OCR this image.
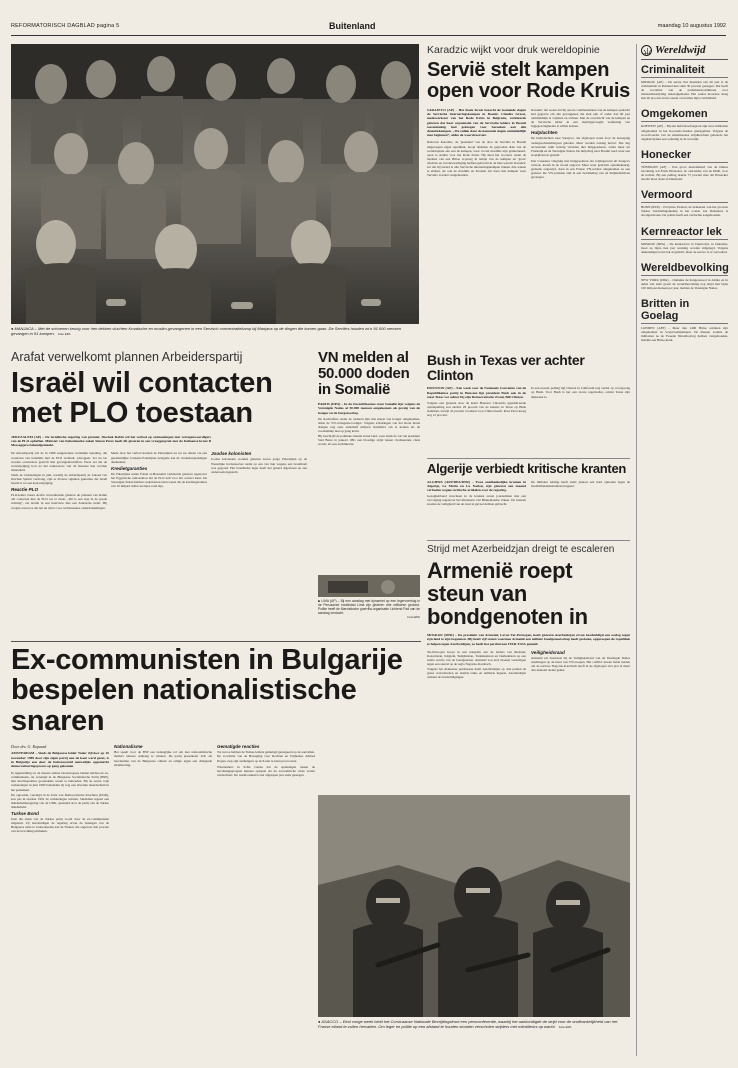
REFORMATORISCH DAGBLAD pagina 5	Buitenland	maandag 10 augustus 1992
● MANJACA – Met de schoenen keurig voor hen dekken vluchten Kroatische en moslim-gevangenen in een Servisch concentratiekamp bij Manjaca op de dingen die komen gaan. De Serviërs houden zo'n 91.000 mensen gevangen in 91 kampen. Foto EPA
Karadzic wijkt voor druk wereldopinie
Servië stelt kampen open voor Rode Kruis
SARAJEVO (AP) – Het Rode Kruis bezocht de komende dagen de Servische interneringskampen in Bosnië. Claudia Grassi, medewerkster van het Rode Kruis in Belgrado, verklaarde gisteren dat haar organisatie van de Servische leiders in Bosnië toestemming had gekregen voor bezoeken aan alle detentiekampen. „We zullen daar de komende dagen onmiddellijk mee beginnen”, aldus de woordvoerster.
Radovan Karadzic, de 'president' van de door de Serviërs in Bosnië uitgeroepen eigen republiek, hoopt daarmee de gegroeide druk van de wereldopinie aan een de kampen, waar vooral moslims zijn geïnterneerd, open te stellen voor het Rode Kruis. Hij deed het voorstel, nadat de beelden van een Britse tv-ploeg in nabije van de kampen ter 'grote' afschuw en verontwaardiging hadden gebracht in de hele wereld. Karadzic zei dat hij bereid is alle Servische interneringskampen binnen drie weken te sluiten, als ook de moslims en Kroaten dat doen met kampen waar Serviërs worden vastgehouden.
Karadzic liet weten dat hij aan de commandanten van de kampen opdracht had gegeven om alle gevangenen die ziek zijn of ouder dan 60 jaar onmiddellijk te vrijlaten en zichten. Met de overdracht van de kampen en de Servische leider in een daarbijgevoegde verklaring van bijgegevenigheden te willen komen.
Hulpluchten
De hulpvluchten naar Sarajevo, die afgelopen week door de beroeping ondergeschiedenisgaan geleden. Meer werden zondag hervat. Die dag arriveerden ruim twintig vluchten met hulpgoederen, onder meer uit Frankrijk en de Verenigde Staten. De hulpvlieg naar Bosnië werd weer een stoprijbaan in gesteld.
Een Canadees vliegtuig met hulpgoederen dat vrijdagavond uit Sarajevo vertrok, kwam in de avond ongeval. Meer weer gebracht opnamekeurig, gedeelte ongewijd, doen in een Franse VN-soldaat omgekomen na een granaat. De VN-soldaten zijn in een beschieting van de hulpluchthaven gevangen.
Wereldwijd
Criminaliteit
MOSKOU (AP) – De eerste vier maanden van dit jaar is de criminaliteit in Rusland met ruim 30 procent gestegen. Dat heeft de voorzitter van de parlementscommissie voor misdaadbestrijding bekendgemaakt. Het aantal moorden steeg met 40 procent en het aantal overvallen bijna verdubbeld.
Omgekomen
KOEWEIT (AP) – Bij een hefschroefongeval zijn twee militairen omgekomen in het Koeweits-Iraakse grensgebied. Volgens de woordvoerder van de Amerikaanse strijdkrachten gebeurde het ongeluk tijdens een oefening in de woestijn.
Honecker
TÜBINGEN (AP) – Een groot meerderheid van de Duitse bevolking wil Erich Honecker, de oud-leider van de DDR, voor de rechter. Bij een peiling deelde 75 procent mee dat Honecker terecht moet staan in Duitsland.
Vermoord
BONN (RTR) – Ferrynies Federal, de beheerder van het grootste Turkse vluchtelingenkamp in het oosten van Duitsland, is doodgeschoten. De politie heeft een verdachte aangehouden.
Kernreactor lek
MOSKOU (DPA) – De kernreactor in Tsjernobyl, in Oekraïne, moet na bijna tien jaar werking worden stilgelegd. Volgens deskundigen is het lek al gedicht, maar de reactor is te verouderd.
Wereldbevolking
NEW YORK (DPA) – Ondanks de hongersnood in Afrika en in delen van Azië groeit de wereldbevolking nog altijd met bijna 100 miljoen mensen per jaar, melden de Verenigde Naties.
Britten in Goelag
LONDEN (AFP) – Meer dan 1400 Britse soldaten zijn omgekomen in Sovjetwerkkampen. De Russen zouden de militairen na de Tweede Wereldoorlog hebben vastgehouden, meldde een Britse krant.
Arafat verwelkomt plannen Arbeiderspartij
Israël wil contacten met PLO toestaan
JERUZALEM (AP) – De Israëlische regering van premier Jitschak Rabin wil het verbod op ontmoetingen met vertegenwoordigers van de PLO opheffen. Minister van buitenlandse zaken Simon Peres heeft dit gisteren in een vraaggesprek met de Italiaanse krant Il Messaggero bekendgemaakt.
De Arbeidspartij wil de in 1986 aangenomen wettelijke bepaling, die contacten van Israëliërs met de PLO verbiedt, schrappen. Tot nu toe werden overtreders gestraft met gevangenisstraffen. Peres zei dat de wetswijziging kort na het zomerreces van de Knesset kan worden behandeld.
Sinds de verkiezingen in juni, waarbij de Arbeidspartij de Likoed van Jitschak Sjamir verdrong, zijn er diverse signalen gekomen dat Israël bereid is tot een koerswijziging.
Reactie PLO
PLO-leider Jasser Arafat verwelkomde gisteren de plannen van Rabin om contacten met de PLO toe te staan. „Dit is een stap in de goede richting”, zei Arafat in een interview met een Arabische krant. Hij voegde eraan toe dat het nu tijd is voor rechtstreekse onderhandelingen.
Mede door het verbod konden de Palestijnen tot nu toe alleen via een gezamenlijke Jordaans-Palestijnse delegatie aan de vredesbesprekingen deelnemen.
Kredietgaranties
De Palestijnse leider Faisal al-Hoesseini verklaarde gisteren tegenover het Egyptische radiostation dat de PLO zelf voor het contact kiest. De Verenigde Staten hebben ondertussen laten weten dat de kredietgaranties van 10 miljard dollar nu bijna rond zijn.
Joodse kolonisten
Joodse kolonisten wonden gisteren zeven jonge Palestijnen op de Westelijke Jordaanoever nadat op een van hun wagens een brandbom was gegooid. Het Israëlische leger heeft het gebied afgesloten en een onderzoek ingesteld.
VN melden al 50.000 doden in Somalië
PARIJS (DPA) – In de Oostafrikaanse staat Somalië zijn volgens de Verenigde Naties al 50.000 mensen omgekomen als gevolg van de honger en de burgeroorlog.
De slachtoffers onder de ouderen zijn met meest van honger omgekomen, aldus de VN-vertegenwoordiger. Volgens schattingen van het Rode Kruis dreigen nog eens anderhalf miljoen Somaliërs om te komen als de voedselhulp niet op gang komt.
Hij beschrijft de politieke situatie in het land, waar sinds de val van president Siad Barre in januari 1991 een bloedige strijd tussen rivaliserende clans woedt, als een nachtmerrie.
■ LIMA (AP) – Bij een aanslag met dynamiet op een legervoertuig in de Peruaanse hoofdstad Lima zijn gisteren drie militairen gedood. Politie heeft de Marxistische guerrilla-organisatie Lichtend Pad van de aanslag verdacht.
Foto EPA
Bush in Texas ver achter Clinton
HOUSTON (AP) – Een week voor de Nationale Conventie van de Republikeinse partij in Houston ligt president Bush ook in de staat Texas ver achter bij zijn Democratische rivaal, Bill Clinton.
Volgens een gisteren door de krant Houston Chronicle gepubliceerde opiniepeiling zou slechts 29 procent van de kiezers in Texas op Bush stemmen, terwijl 45 procent voorkeur voor Clinton heeft. Ross Perot kreeg nog 12 procent.
In een tweede peiling ligt Clinton in Californië nog verder op voorsprong op Bush. Voor Bush is het een zware tegenvaller, omdat Texas zijn thuisstaat is.
Algerije verbiedt kritische kranten
ALGIERS (AFP/DPA/RTR) – Twee onafhankelijke kranten in Algerije, Le Matin en La Nation, zijn gisteren een maand verboden wegens kritische artikelen over de regering.
Gezaghebbend verscheen in de kranten zeven journalisten met een vervolging tegenover het ministerie van Binnenlandse Zaken. De kranten zouden de veiligheid van de staat in gevaar hebben gebracht.
De militaire leiding heeft sinds januari een hard optreden tegen de moslimfundamentalisten ingezet.
Strijd met Azerbeidzjan dreigt te escaleren
Armenië roept steun van bondgenoten in
MOSKOU (RTR) – De president van Armenië, Levon Ter-Petrosjan, heeft gisteren Azerbeidzjan ervan beschuldigd een oorlog tegen zijn land te zijn begonnen. Hij heeft vijf staten waarmee Armenië een militair bondgenootschap heeft gesloten, opgeroepen de republiek te helpen tegen Azerbeidzjan, zo heeft het persbureau ITAR-TASS gemeld.
Ter-Petrosjan hoopt in een telegram aan de leiders van Rusland, Kazachstan, Kirgizië, Tadzjikistan, Turkmenistan en Oezbekistan op een snelle reactie van de bondgenoten. Armenië zou zich moeten verdedigen tegen een aanval op de regio Nagorno-Karabach.
Volgens het Armeense persbureau heeft Azerbeidzjan op drie punten de grens overschreden en daarbij tanks en artillerie ingezet. Azerbeidzjan ontkent de beschuldigingen.
Veiligheidsraad
Armenië zal daarnaast bij de Veiligheidsraad van de Verenigde Naties aandringen op de inzet van VN-troepen. Het conflict tussen beide landen om de enclave Nagorno-Karabach heeft in de afgelopen vier jaar al meer dan duizend doden geëist.
Ex-communisten in Bulgarije bespelen nationalistische snaren
Door drs. G. Ropaard
AMSTERDAM – Sinds de Bulgaarse leider Todor Zjivkov op 10 november 1989 door zijn eigen partij aan de kant werd gezet, is in Bulgarije een door de buitenwereld nauwelijks opgemerkt democratiseringsproces op gang gekomen.
In tegenstelling tot de meeste andere Oosteuropese landen hebben de ex-communisten, nu verenigd in de Bulgaarse Socialistische Partij (BSP), hun machtsposities grotendeels weten te behouden. Bij de eerste vrije verkiezingen in juni 1990 behaalden zij nog een absolute meerderheid in het parlement.
De oppositie, verenigd in de Unie van Democratische Krachten (UDK), kon pas in oktober 1991 de verkiezingen winnen. Sindsdien regeert een minderheidsregering van de UDK, gesteund door de partij van de Turkse minderheid.
Turkse Bond
Juist die steun van de Turkse partij wordt door de ex-communisten uitgebuit. Zij beschuldigen de regering ervan de belangen van de Bulgaarse natie te verkwanselen aan de Turken, die ongeveer tien procent van de bevolking uitmaken.
Nationalisme
Het speelt voor de BSP een belangrijke rol om met nationalistische thema's nieuwe aanhang te winnen. De partij presenteert zich als beschermer van de Bulgaarse cultuur en religie tegen een dreigende islamisering.
Gematigde reacties
Tot nu toe hebben de Turkse leiders gematigd gereageerd op de aanvallen. De voorzitter van de Beweging voor Rechten en Vrijheden, Ahmed Dogan, riep zijn aanhangers op zich niet te laten provoceren.
Waarnemers in Sofia vrezen dat de spanningen tussen de bevolkingsgroepen kunnen oplopen als de economische crisis verder verslechtert. De werkloosheid is het afgelopen jaar sterk gestegen.
● ASACCO – Eind vorige week hield het Corsicaanse Nationale Bevrijdingsfront een persconferentie, waarbij het aankondigde de strijd voor de onafhankelijkheid van het Franse eiland te zullen hervatten. Om leger en politie op een afstand te houden stonden verscholen strijders met mitrailleurs op wacht. Foto EPA
